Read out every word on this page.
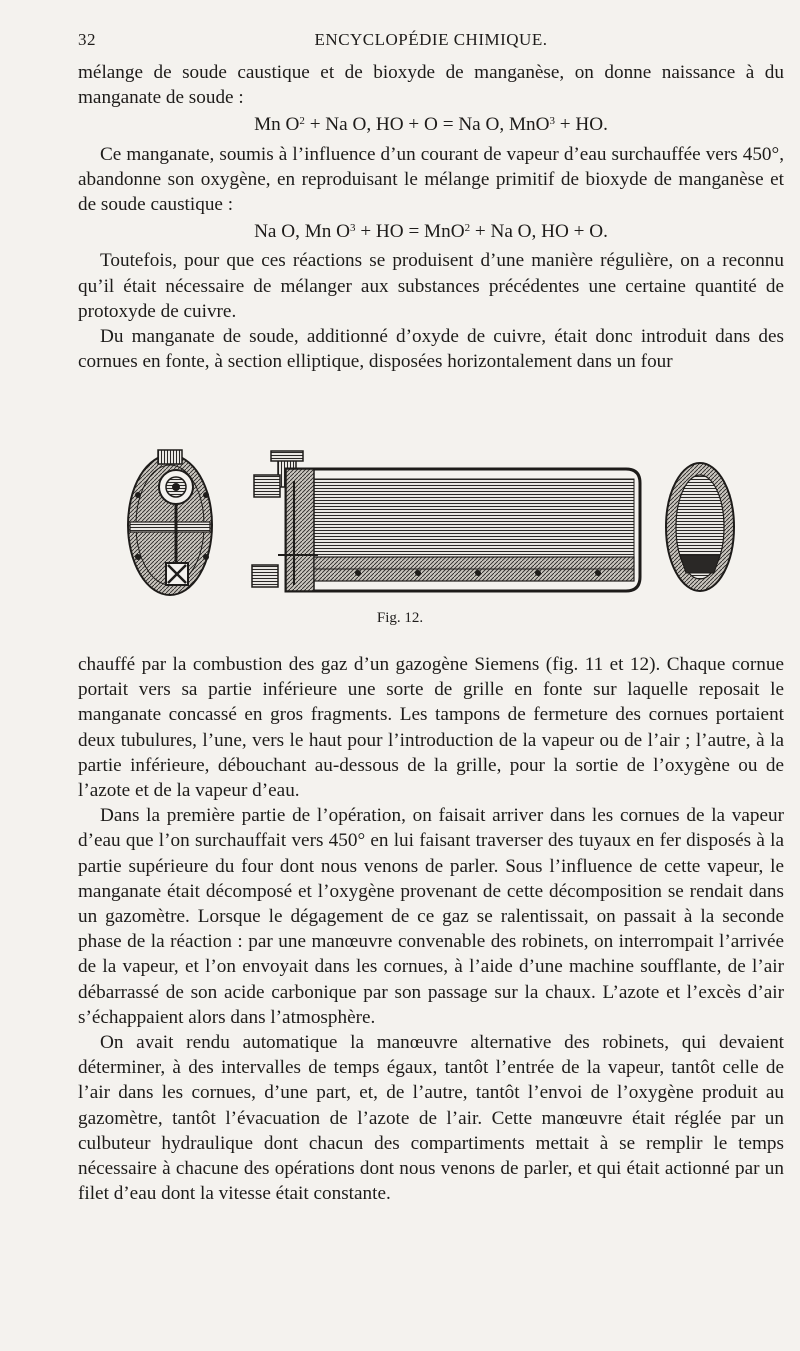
32	ENCYCLOPÉDIE CHIMIQUE.

mélange de soude caustique et de bioxyde de manganèse, on donne naissance à du manganate de soude :

Mn $O^2 + Na$ O, HO + O = Na O, MnO$^3$ + HO.

Ce manganate, soumis à l’influence d’un courant de vapeur d’eau surchauffée vers 450°, abandonne son oxygène, en reproduisant le mélange primitif de bioxyde de manganèse et de soude caustique :

Na O, Mn $O^3$ + HO = MnO$^2$ + Na O, HO + O.

Toutefois, pour que ces réactions se produisent d’une manière régulière, on a reconnu qu’il était nécessaire de mélanger aux substances précédentes une certaine quantité de protoxyde de cuivre.

Du manganate de soude, additionné d’oxyde de cuivre, était donc introduit dans des cornues en fonte, à section elliptique, disposées horizontalement dans un four

Fig. 12.

chauffé par la combustion des gaz d’un gazogène Siemens (fig. 11 et 12). Chaque cornue portait vers sa partie inférieure une sorte de grille en fonte sur laquelle reposait le manganate concassé en gros fragments. Les tampons de fermeture des cornues portaient deux tubulures, l’une, vers le haut pour l’introduction de la vapeur ou de l’air ; l’autre, à la partie inférieure, débouchant au-dessous de la grille, pour la sortie de l’oxygène ou de l’azote et de la vapeur d’eau.

Dans la première partie de l’opération, on faisait arriver dans les cornues de la vapeur d’eau que l’on surchauffait vers 450° en lui faisant traverser des tuyaux en fer disposés à la partie supérieure du four dont nous venons de parler. Sous l’influence de cette vapeur, le manganate était décomposé et l’oxygène provenant de cette décomposition se rendait dans un gazomètre. Lorsque le dégagement de ce gaz se ralentissait, on passait à la seconde phase de la réaction : par une manœuvre convenable des robinets, on interrompait l’arrivée de la vapeur, et l’on envoyait dans les cornues, à l’aide d’une machine soufflante, de l’air débarrassé de son acide carbonique par son passage sur la chaux. L’azote et l’excès d’air s’échappaient alors dans l’atmosphère.

On avait rendu automatique la manœuvre alternative des robinets, qui devaient déterminer, à des intervalles de temps égaux, tantôt l’entrée de la vapeur, tantôt celle de l’air dans les cornues, d’une part, et, de l’autre, tantôt l’envoi de l’oxygène produit au gazomètre, tantôt l’évacuation de l’azote de l’air. Cette manœuvre était réglée par un culbuteur hydraulique dont chacun des compartiments mettait à se remplir le temps nécessaire à chacune des opérations dont nous venons de parler, et qui était actionné par un filet d’eau dont la vitesse était constante.
